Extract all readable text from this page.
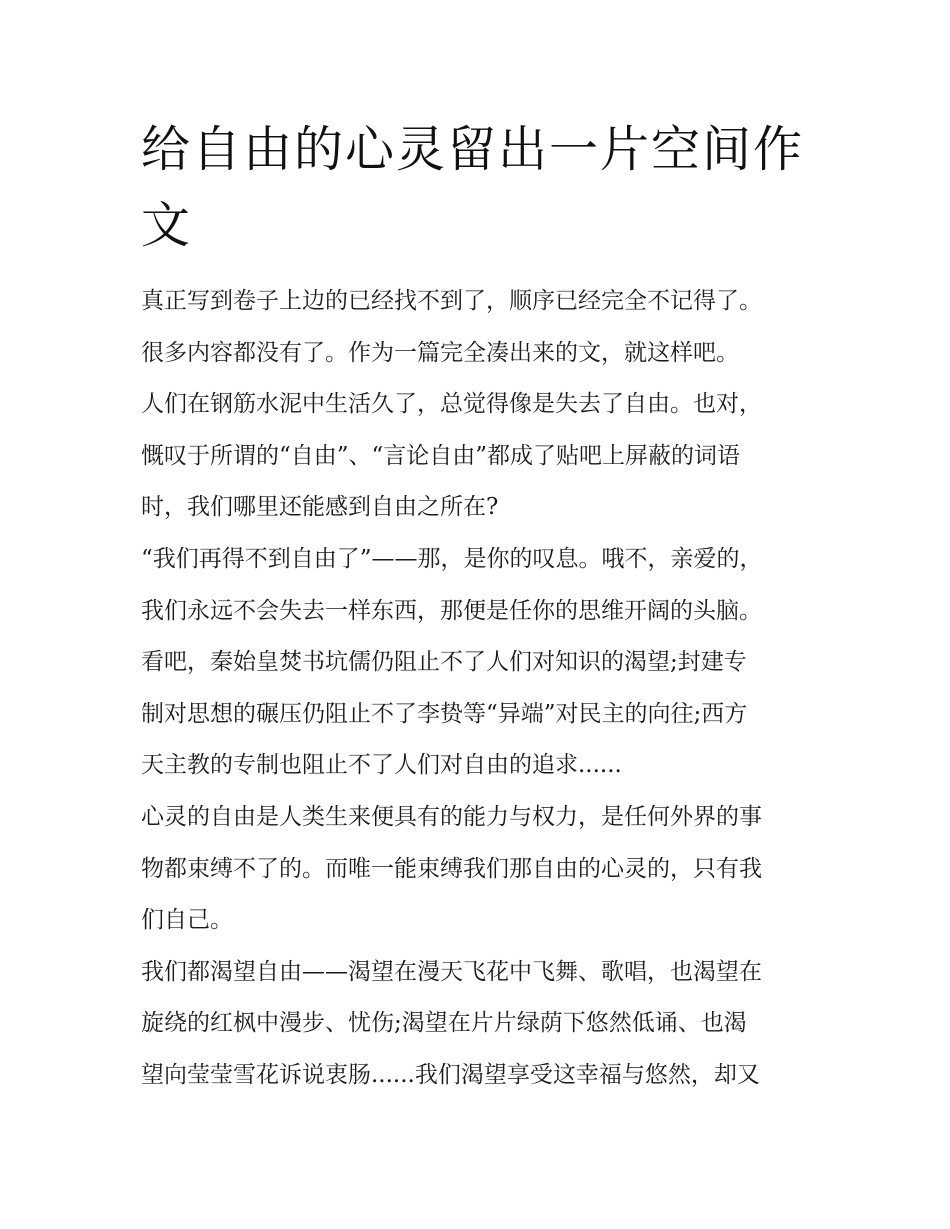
给自由的心灵留出一片空间作
文
真正写到卷子上边的已经找不到了，顺序已经完全不记得了。
很多内容都没有了。作为一篇完全凑出来的文，就这样吧。
人们在钢筋水泥中生活久了，总觉得像是失去了自由。也对，
慨叹于所谓的“自由”、“言论自由”都成了贴吧上屏蔽的词语
时，我们哪里还能感到自由之所在?
“我们再得不到自由了”——那，是你的叹息。哦不，亲爱的，
我们永远不会失去一样东西，那便是任你的思维开阔的头脑。
看吧，秦始皇焚书坑儒仍阻止不了人们对知识的渴望;封建专
制对思想的碾压仍阻止不了李贽等“异端”对民主的向往;西方
天主教的专制也阻止不了人们对自由的追求......
心灵的自由是人类生来便具有的能力与权力，是任何外界的事
物都束缚不了的。而唯一能束缚我们那自由的心灵的，只有我
们自己。
我们都渴望自由——渴望在漫天飞花中飞舞、歌唱，也渴望在
旋绕的红枫中漫步、忧伤;渴望在片片绿荫下悠然低诵、也渴
望向莹莹雪花诉说衷肠......我们渴望享受这幸福与悠然，却又
